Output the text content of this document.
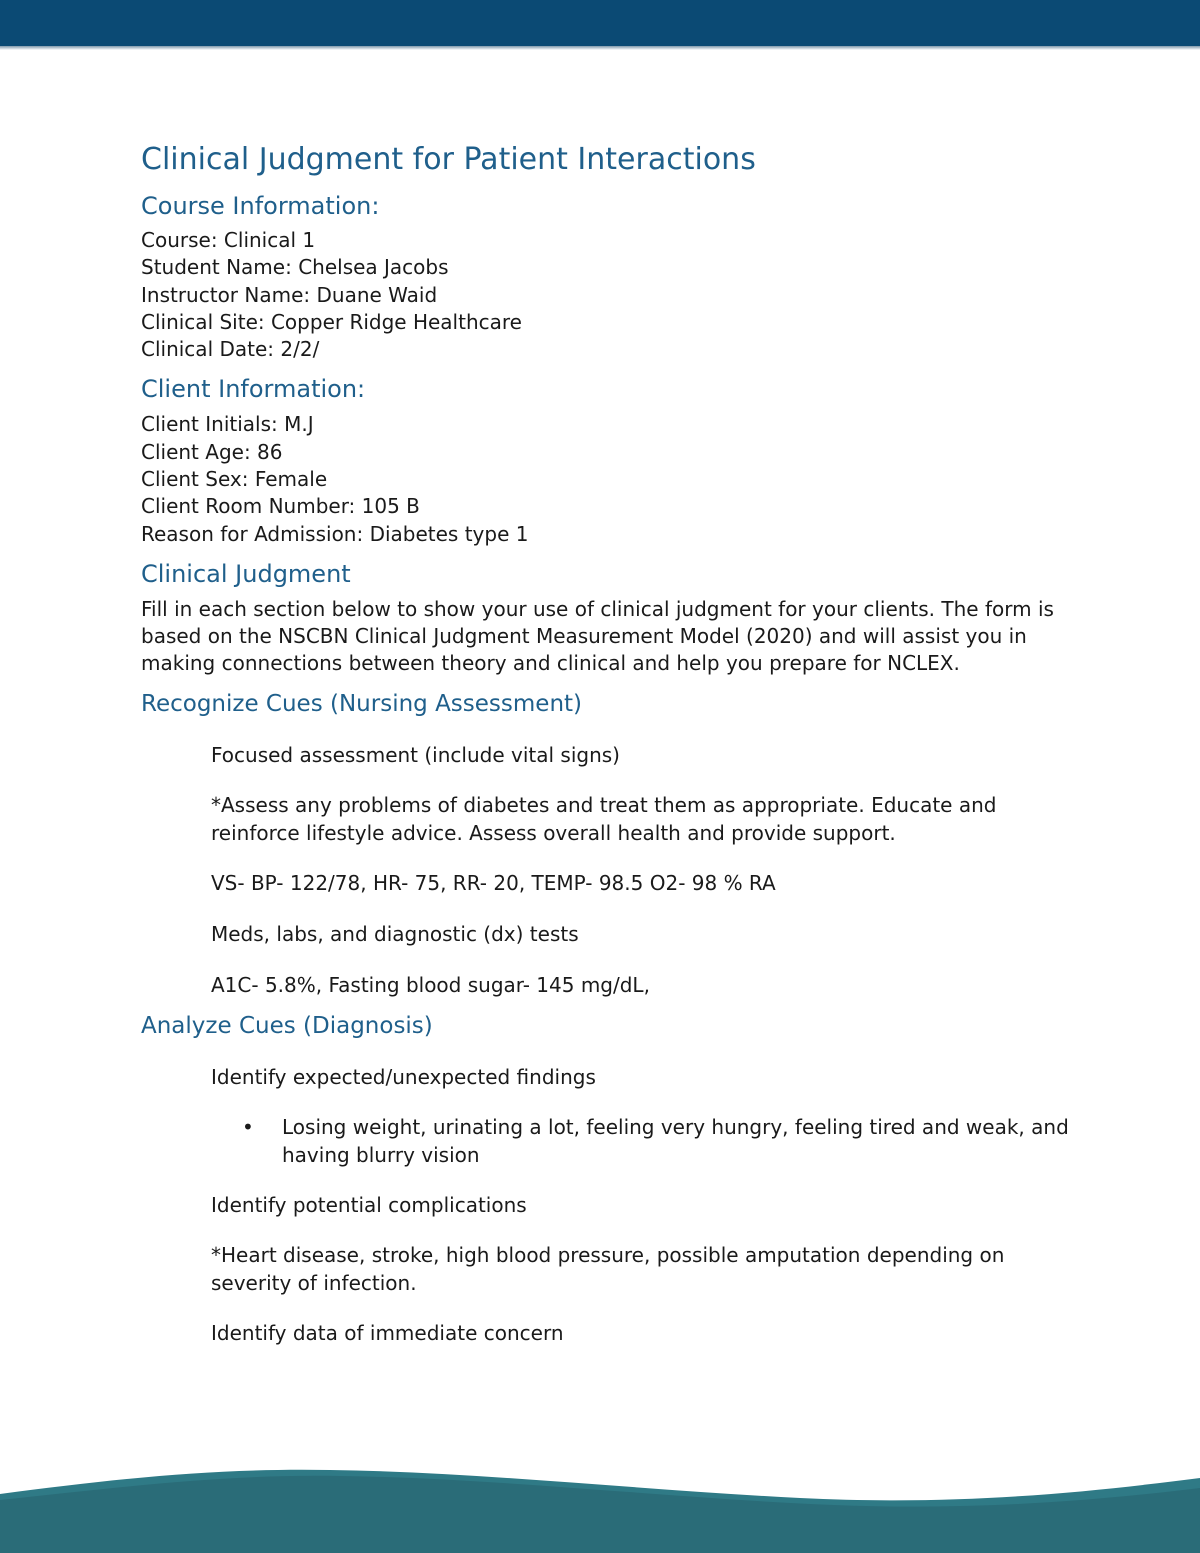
Clinical Judgment for Patient Interactions
Course Information:

Course: Clinical 1

Student Name: Chelsea Jacobs

Instructor Name: Duane Waid

Clinical Site: Copper Ridge Healthcare

Clinical Date: 2/2/

Client Information:

Client Initials: M.J

Client Age: 86

Client Sex: Female

Client Room Number: 105 B

Reason for Admission: Diabetes type 1

Clinical Judgment

Fill in each section below to show your use of clinical judgment for your clients. The form is based on the NSCBN Clinical Judgment Measurement Model (2020) and will assist you in making connections between theory and clinical and help you prepare for NCLEX.

Recognize Cues (Nursing Assessment)

Focused assessment (include vital signs)

*Assess any problems of diabetes and treat them as appropriate. Educate and reinforce lifestyle advice. Assess overall health and provide support.

VS- BP- 122/78, HR- 75, RR- 20, TEMP- 98.5 O2- 98 % RA

Meds, labs, and diagnostic (dx) tests

A1C- 5.8%, Fasting blood sugar- 145 mg/dL,

Analyze Cues (Diagnosis)

Identify expected/unexpected findings

• Losing weight, urinating a lot, feeling very hungry, feeling tired and weak, and having blurry vision

Identify potential complications

*Heart disease, stroke, high blood pressure, possible amputation depending on severity of infection.

Identify data of immediate concern
